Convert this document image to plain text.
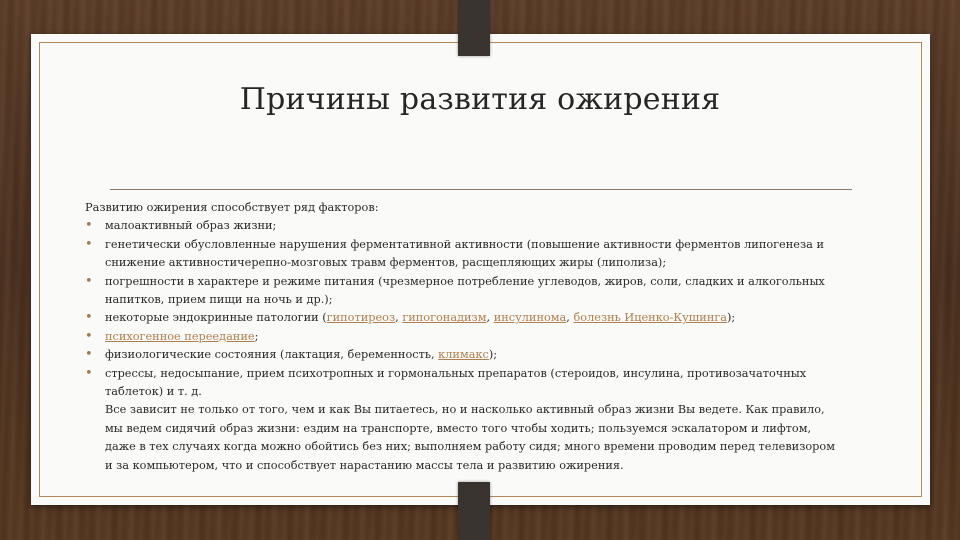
Причины развития ожирения

Развитию ожирения способствует ряд факторов:

• малоактивный образ жизни;
• генетически обусловленные нарушения ферментативной активности (повышение активности ферментов липогенеза и снижение активностичерепно-мозговых травм ферментов, расщепляющих жиры (липолиза);
• погрешности в характере и режиме питания (чрезмерное потребление углеводов, жиров, соли, сладких и алкогольных напитков, прием пищи на ночь и др.);
• некоторые эндокринные патологии (гипотиреоз, гипогонадизм, инсулинома, болезнь Иценко-Кушинга);
• психогенное переедание;
• физиологические состояния (лактация, беременность, климакс);
• стрессы, недосыпание, прием психотропных и гормональных препаратов (стероидов, инсулина, противозачаточных таблеток) и т. д.

Все зависит не только от того, чем и как Вы питаетесь, но и насколько активный образ жизни Вы ведете. Как правило, мы ведем сидячий образ жизни: ездим на транспорте, вместо того чтобы ходить; пользуемся эскалатором и лифтом, даже в тех случаях когда можно обойтись без них; выполняем работу сидя; много времени проводим перед телевизором и за компьютером, что и способствует нарастанию массы тела и развитию ожирения.
